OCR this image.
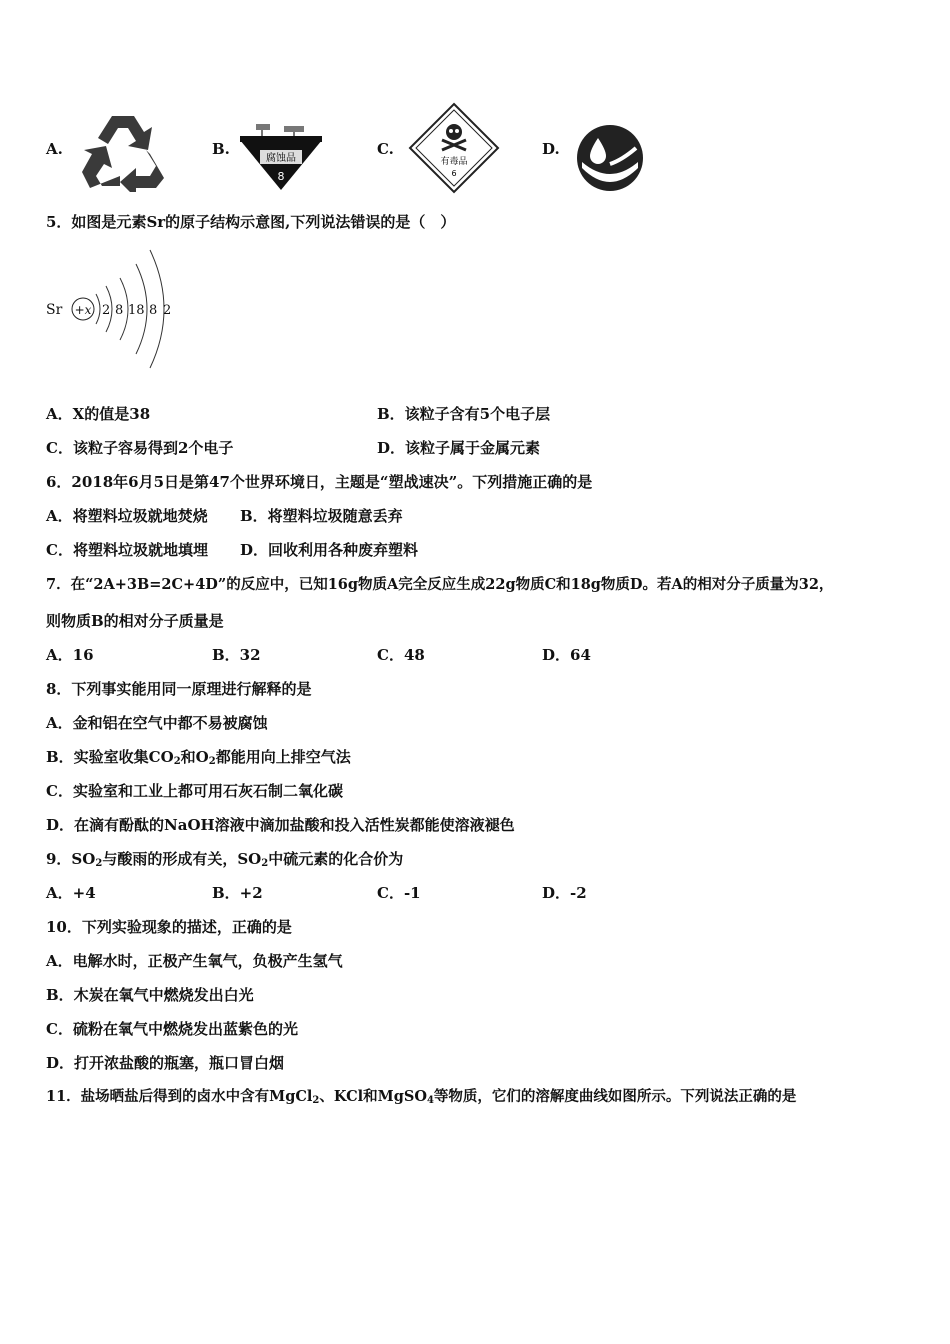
A.	B.
腐蚀品
8
C.
有毒品
6
D.
5．如图是元素Sr的原子结构示意图,下列说法错误的是（　）
Sr +x 2 8 18 8 2
A．X的值是38	B．该粒子含有5个电子层
C．该粒子容易得到2个电子	D．该粒子属于金属元素
6．2018年6月5日是第47个世界环境日，主题是“塑战速决”。下列措施正确的是
A．将塑料垃圾就地焚烧 B．将塑料垃圾随意丢弃
C．将塑料垃圾就地填埋 D．回收利用各种废弃塑料
7．在“2A+3B=2C+4D”的反应中，已知16g物质A完全反应生成22g物质C和18g物质D。若A的相对分子质量为32，
则物质B的相对分子质量是
A．16	B．32	C．48	D．64
8．下列事实能用同一原理进行解释的是
A．金和铝在空气中都不易被腐蚀
B．实验室收集$CO_2$和$O_2$都能用向上排空气法
C．实验室和工业上都可用石灰石制二氧化碳
D．在滴有酚酞的NaOH溶液中滴加盐酸和投入活性炭都能使溶液褪色
9．$SO_2$与酸雨的形成有关，$SO_2$中硫元素的化合价为
A．+4	B．+2	C．-1	D．-2
10．下列实验现象的描述，正确的是
A．电解水时，正极产生氧气，负极产生氢气
B．木炭在氧气中燃烧发出白光
C．硫粉在氧气中燃烧发出蓝紫色的光
D．打开浓盐酸的瓶塞，瓶口冒白烟
11．盐场晒盐后得到的卤水中含有MgCl$_2$、KCl和MgSO$_4$等物质，它们的溶解度曲线如图所示。下列说法正确的是
